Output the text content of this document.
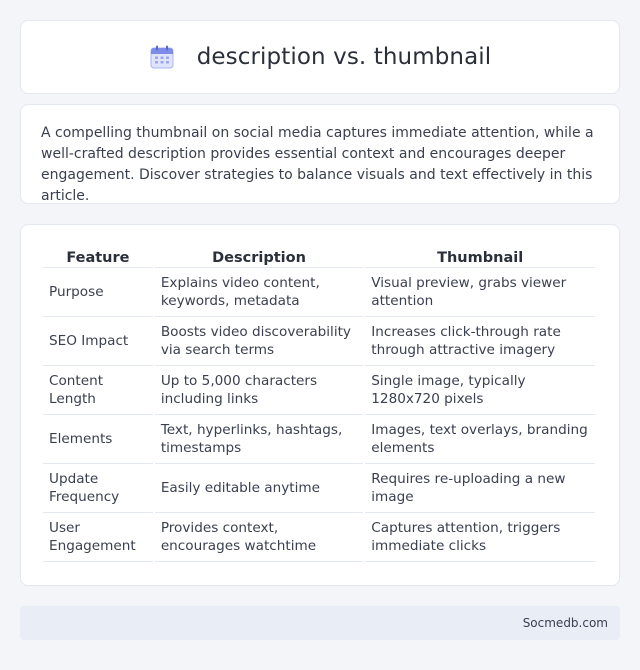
description vs. thumbnail

A compelling thumbnail on social media captures immediate attention, while a well-crafted description provides essential context and encourages deeper engagement. Discover strategies to balance visuals and text effectively in this article.

Feature	Description	Thumbnail
Purpose	Explains video content, keywords, metadata	Visual preview, grabs viewer attention
SEO Impact	Boosts video discoverability via search terms	Increases click-through rate through attractive imagery
Content Length	Up to 5,000 characters including links	Single image, typically 1280x720 pixels
Elements	Text, hyperlinks, hashtags, timestamps	Images, text overlays, branding elements
Update Frequency	Easily editable anytime	Requires re-uploading a new image
User Engagement	Provides context, encourages watchtime	Captures attention, triggers immediate clicks
Socmedb.com
